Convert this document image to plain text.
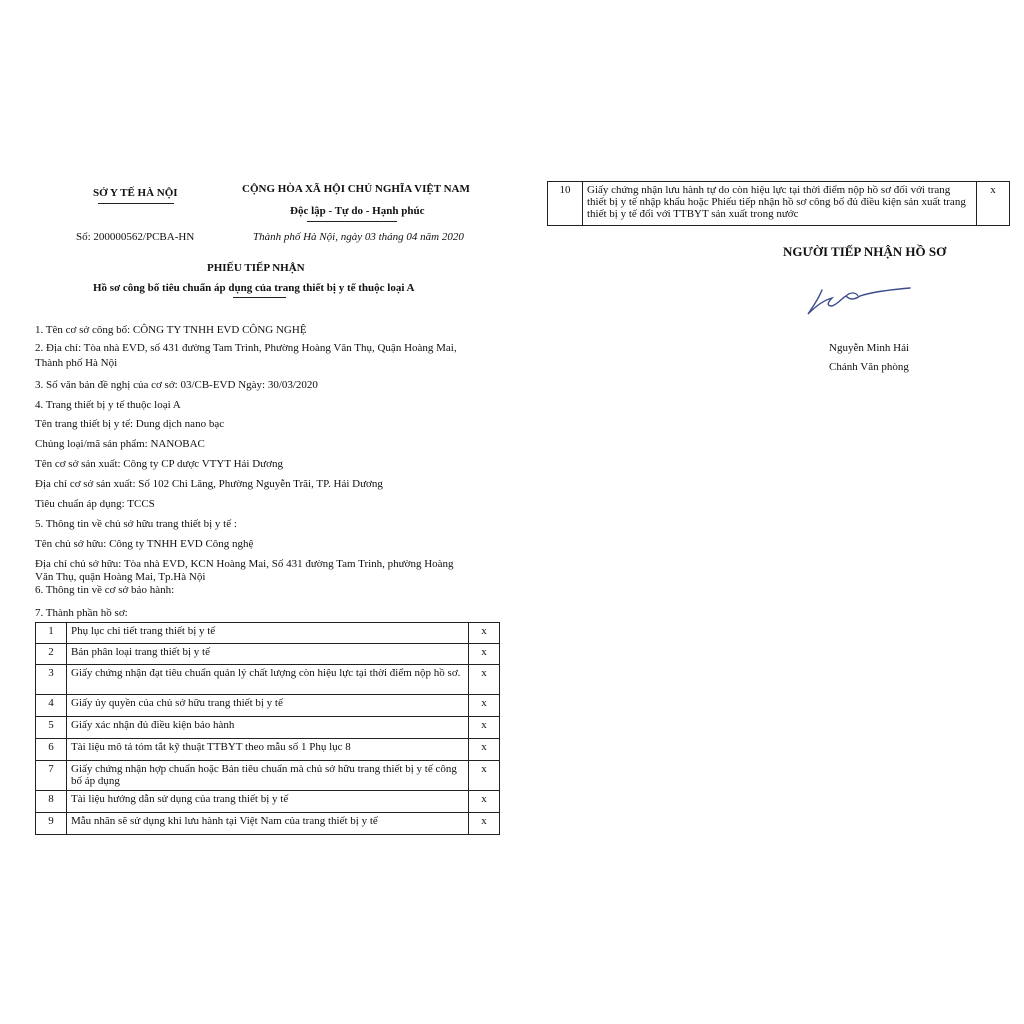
SỞ Y TẾ HÀ NỘI
Số: 200000562/PCBA-HN
CỘNG HÒA XÃ HỘI CHỦ NGHĨA VIỆT NAM
Độc lập - Tự do - Hạnh phúc
Thành phố Hà Nội, ngày 03 tháng 04 năm 2020
PHIẾU TIẾP NHẬN
Hồ sơ công bố tiêu chuẩn áp dụng của trang thiết bị y tế thuộc loại A
1. Tên cơ sở công bố: CÔNG TY TNHH EVD CÔNG NGHỆ
2. Địa chỉ: Tòa nhà EVD, số 431 đường Tam Trinh, Phường Hoàng Văn Thụ, Quận Hoàng Mai,
Thành phố Hà Nội
3. Số văn bản đề nghị của cơ sở: 03/CB-EVD Ngày: 30/03/2020
4. Trang thiết bị y tế thuộc loại A
Tên trang thiết bị y tế: Dung dịch nano bạc
Chủng loại/mã sản phẩm: NANOBAC
Tên cơ sở sản xuất: Công ty CP dược VTYT Hải Dương
Địa chỉ cơ sở sản xuất: Số 102 Chi Lăng, Phường Nguyễn Trãi, TP. Hải Dương
Tiêu chuẩn áp dụng: TCCS
5. Thông tin về chủ sở hữu trang thiết bị y tế :
Tên chủ sở hữu: Công ty TNHH EVD Công nghệ
Địa chỉ chủ sở hữu: Tòa nhà EVD, KCN Hoàng Mai, Số 431 đường Tam Trinh, phường Hoàng
Văn Thụ, quận Hoàng Mai, Tp.Hà Nội
6. Thông tin về cơ sở bảo hành:
7. Thành phần hồ sơ:
1	Phụ lục chi tiết trang thiết bị y tế	x
2	Bản phân loại trang thiết bị y tế	x
3	Giấy chứng nhận đạt tiêu chuẩn quản lý chất lượng còn hiệu lực tại thời điểm nộp hồ sơ.	x
4	Giấy ủy quyền của chủ sở hữu trang thiết bị y tế	x
5	Giấy xác nhận đủ điều kiện bảo hành	x
6	Tài liệu mô tả tóm tắt kỹ thuật TTBYT theo mẫu số 1 Phụ lục 8	x
7	Giấy chứng nhận hợp chuẩn hoặc Bản tiêu chuẩn mà chủ sở hữu trang thiết bị y tế công bố áp dụng	x
8	Tài liệu hướng dẫn sử dụng của trang thiết bị y tế	x
9	Mẫu nhãn sẽ sử dụng khi lưu hành tại Việt Nam của trang thiết bị y tế	x
10	Giấy chứng nhận lưu hành tự do còn hiệu lực tại thời điểm nộp hồ sơ đối với trang thiết bị y tế nhập khẩu hoặc Phiếu tiếp nhận hồ sơ công bố đủ điều kiện sản xuất trang thiết bị y tế đối với TTBYT sản xuất trong nước	x
NGƯỜI TIẾP NHẬN HỒ SƠ
Nguyễn Minh Hải
Chánh Văn phòng
